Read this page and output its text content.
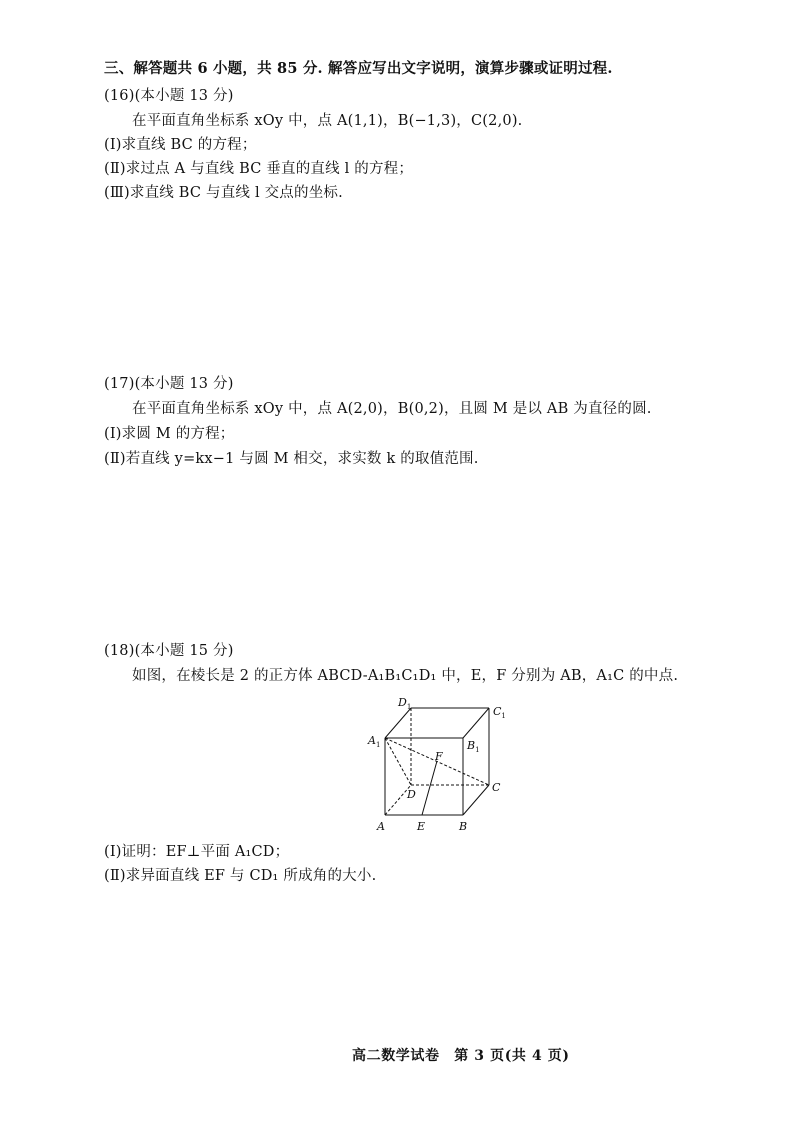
三、解答题共 6 小题，共 85 分. 解答应写出文字说明，演算步骤或证明过程.
(16)(本小题 13 分)
在平面直角坐标系 xOy 中，点 A(1,1)，B(−1,3)，C(2,0).
(Ⅰ)求直线 BC 的方程；
(Ⅱ)求过点 A 与直线 BC 垂直的直线 l 的方程；
(Ⅲ)求直线 BC 与直线 l 交点的坐标.
(17)(本小题 13 分)
在平面直角坐标系 xOy 中，点 A(2,0)，B(0,2)，且圆 M 是以 AB 为直径的圆.
(Ⅰ)求圆 M 的方程；
(Ⅱ)若直线 y=kx−1 与圆 M 相交，求实数 k 的取值范围.
(18)(本小题 15 分)
如图，在棱长是 2 的正方体 ABCD-A₁B₁C₁D₁ 中，E，F 分别为 AB，A₁C 的中点.
$D_1$	$C_1$
$A_1$	$B_1$
F
D
C
A	E	B
(Ⅰ)证明：EF⊥平面 A₁CD；
(Ⅱ)求异面直线 EF 与 CD₁ 所成角的大小.
高二数学试卷　第 3 页(共 4 页)
